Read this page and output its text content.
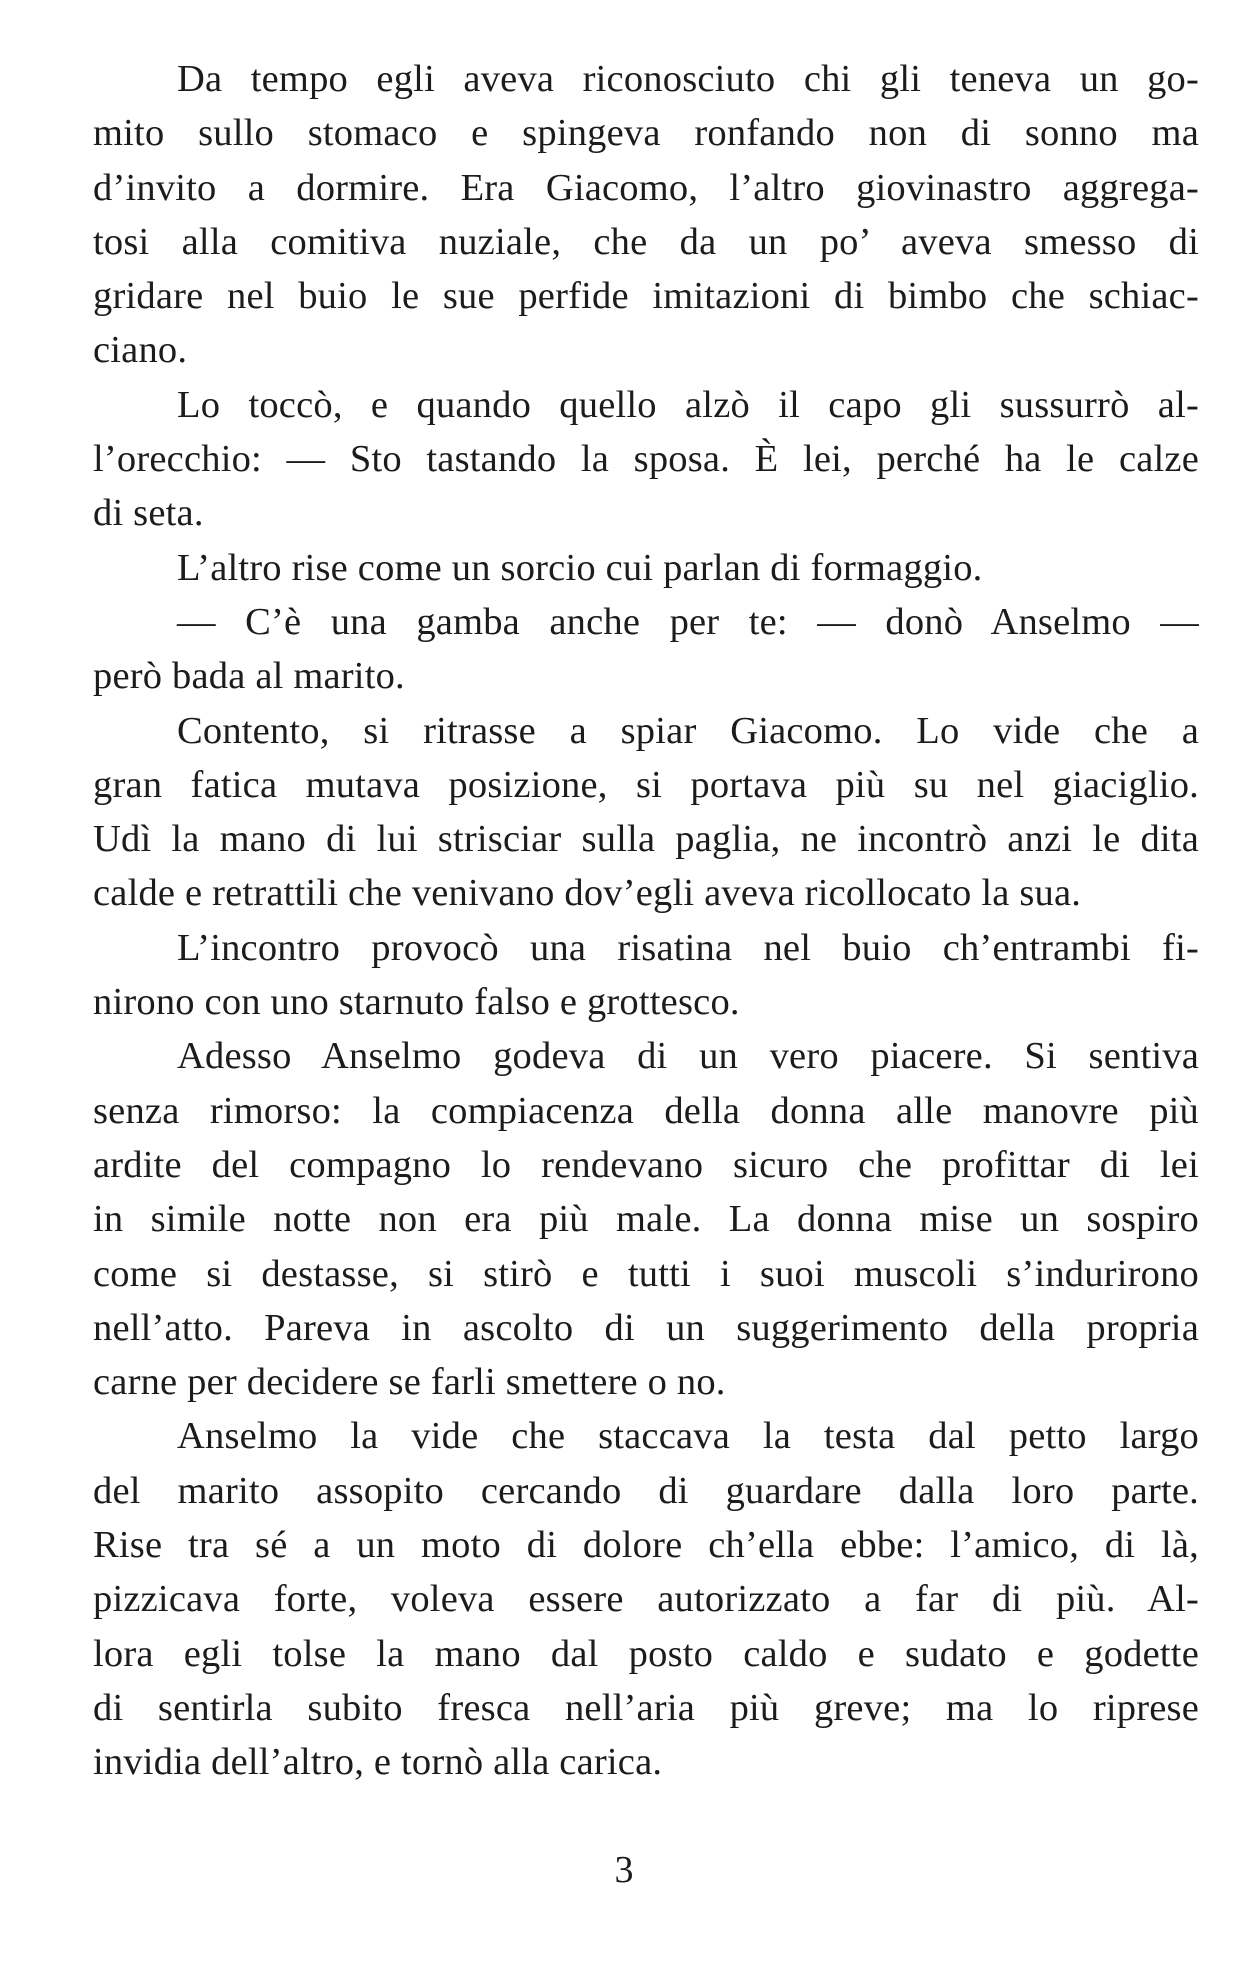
Da tempo egli aveva riconosciuto chi gli teneva un go-

mito sullo stomaco e spingeva ronfando non di sonno ma

d’invito a dormire. Era Giacomo, l’altro giovinastro aggrega-

tosi alla comitiva nuziale, che da un po’ aveva smesso di

gridare nel buio le sue perfide imitazioni di bimbo che schiac-

ciano.

Lo toccò, e quando quello alzò il capo gli sussurrò al-

l’orecchio: — Sto tastando la sposa. È lei, perché ha le calze

di seta.

L’altro rise come un sorcio cui parlan di formaggio.

— C’è una gamba anche per te: — donò Anselmo —

però bada al marito.

Contento, si ritrasse a spiar Giacomo. Lo vide che a

gran fatica mutava posizione, si portava più su nel giaciglio.

Udì la mano di lui strisciar sulla paglia, ne incontrò anzi le dita

calde e retrattili che venivano dov’egli aveva ricollocato la sua.

L’incontro provocò una risatina nel buio ch’entrambi fi-

nirono con uno starnuto falso e grottesco.

Adesso Anselmo godeva di un vero piacere. Si sentiva

senza rimorso: la compiacenza della donna alle manovre più

ardite del compagno lo rendevano sicuro che profittar di lei

in simile notte non era più male. La donna mise un sospiro

come si destasse, si stirò e tutti i suoi muscoli s’indurirono

nell’atto. Pareva in ascolto di un suggerimento della propria

carne per decidere se farli smettere o no.

Anselmo la vide che staccava la testa dal petto largo

del marito assopito cercando di guardare dalla loro parte.

Rise tra sé a un moto di dolore ch’ella ebbe: l’amico, di là,

pizzicava forte, voleva essere autorizzato a far di più. Al-

lora egli tolse la mano dal posto caldo e sudato e godette

di sentirla subito fresca nell’aria più greve; ma lo riprese

invidia dell’altro, e tornò alla carica.

3
